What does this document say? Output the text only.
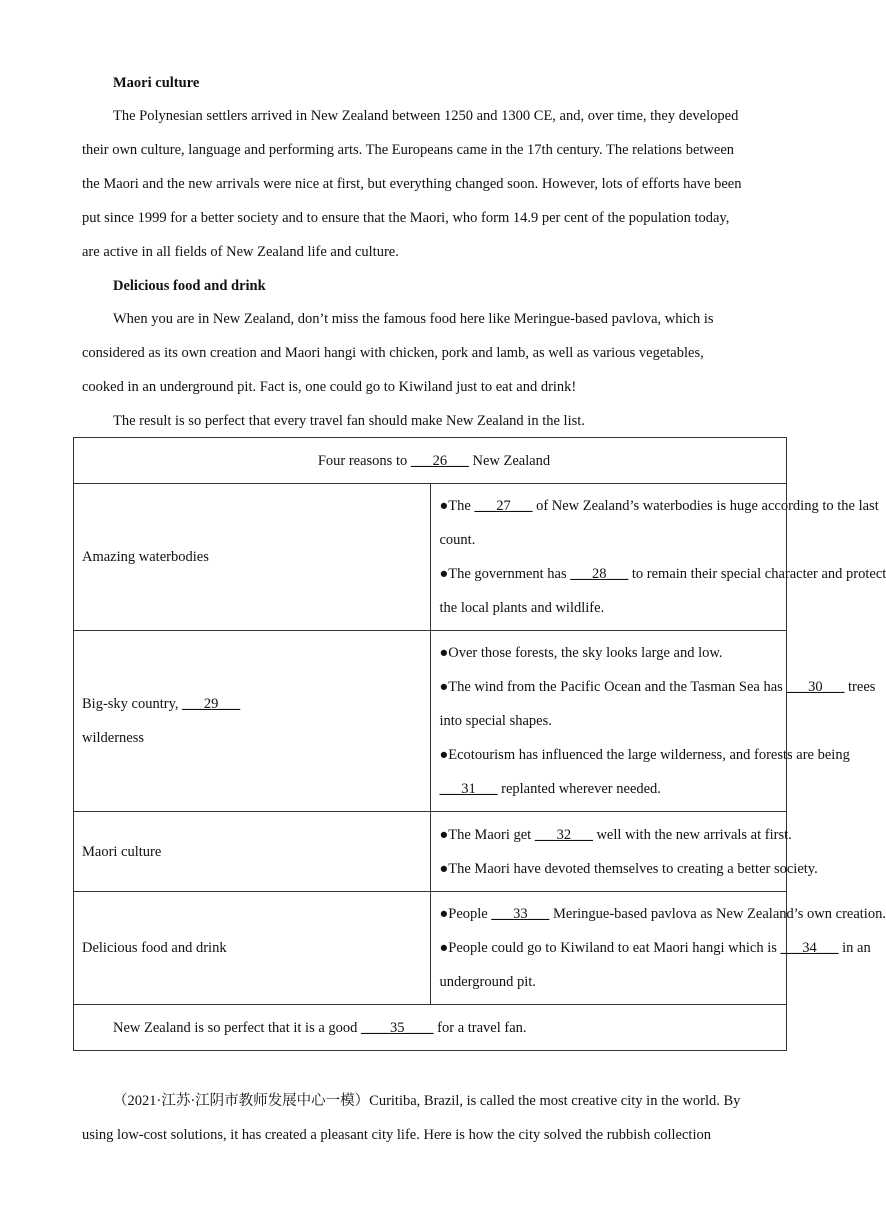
Maori culture

The Polynesian settlers arrived in New Zealand between 1250 and 1300 CE, and, over time, they developed
their own culture, language and performing arts. The Europeans came in the 17th century. The relations between
the Maori and the new arrivals were nice at first, but everything changed soon. However, lots of efforts have been
put since 1999 for a better society and to ensure that the Maori, who form 14.9 per cent of the population today,
are active in all fields of New Zealand life and culture.

Delicious food and drink

When you are in New Zealand, don’t miss the famous food here like Meringue-based pavlova, which is
considered as its own creation and Maori hangi with chicken, pork and lamb, as well as various vegetables,
cooked in an underground pit. Fact is, one could go to Kiwiland just to eat and drink!
The result is so perfect that every travel fan should make New Zealand in the list.

Four reasons to ___26___ New Zealand	
Amazing waterbodies	●The ___27___ of New Zealand’s waterbodies is huge according to the last
count.
●The government has ___28___ to remain their special character and protect
the local plants and wildlife.

Big-sky country, ___29___
wilderness	●Over those forests, the sky looks large and low.
●The wind from the Pacific Ocean and the Tasman Sea has ___30___ trees
into special shapes.
●Ecotourism has influenced the large wilderness, and forests are being
___31___ replanted wherever needed.

Maori culture	●The Maori get ___32___ well with the new arrivals at first.
●The Maori have devoted themselves to creating a better society.

Delicious food and drink	●People ___33___ Meringue-based pavlova as New Zealand’s own creation.
●People could go to Kiwiland to eat Maori hangi which is ___34___ in an
underground pit.

New Zealand is so perfect that it is a good ____35____ for a travel fan.	
（2021·江苏·江阴市教师发展中心一模）Curitiba, Brazil, is called the most creative city in the world. By
using low-cost solutions, it has created a pleasant city life. Here is how the city solved the rubbish collection
